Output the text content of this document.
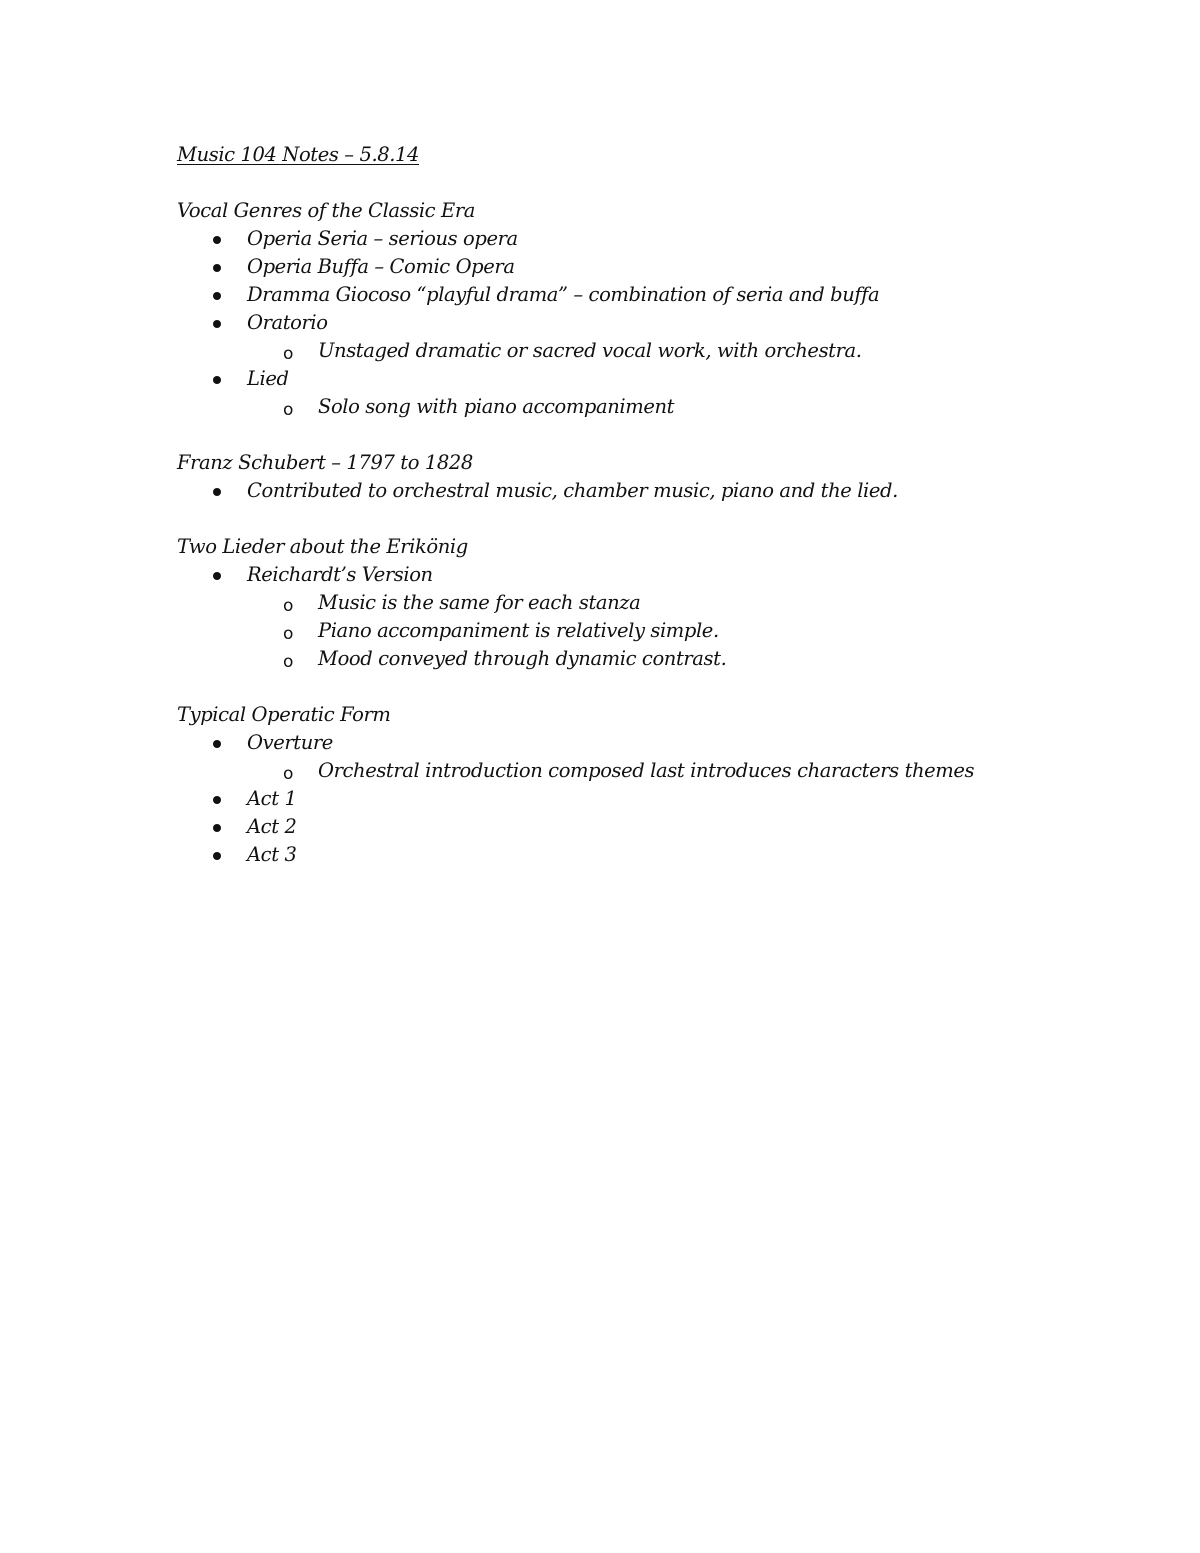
Music 104 Notes – 5.8.14
Vocal Genres of the Classic Era
Operia Seria – serious opera
Operia Buffa – Comic Opera
Dramma Giocoso “playful drama” – combination of seria and buffa
Oratorio
o Unstaged dramatic or sacred vocal work, with orchestra.
Lied
o Solo song with piano accompaniment
Franz Schubert – 1797 to 1828
Contributed to orchestral music, chamber music, piano and the lied.
Two Lieder about the Erikönig
Reichardt’s Version
o Music is the same for each stanza
o Piano accompaniment is relatively simple.
o Mood conveyed through dynamic contrast.
Typical Operatic Form
Overture
o Orchestral introduction composed last introduces characters themes
Act 1
Act 2
Act 3
